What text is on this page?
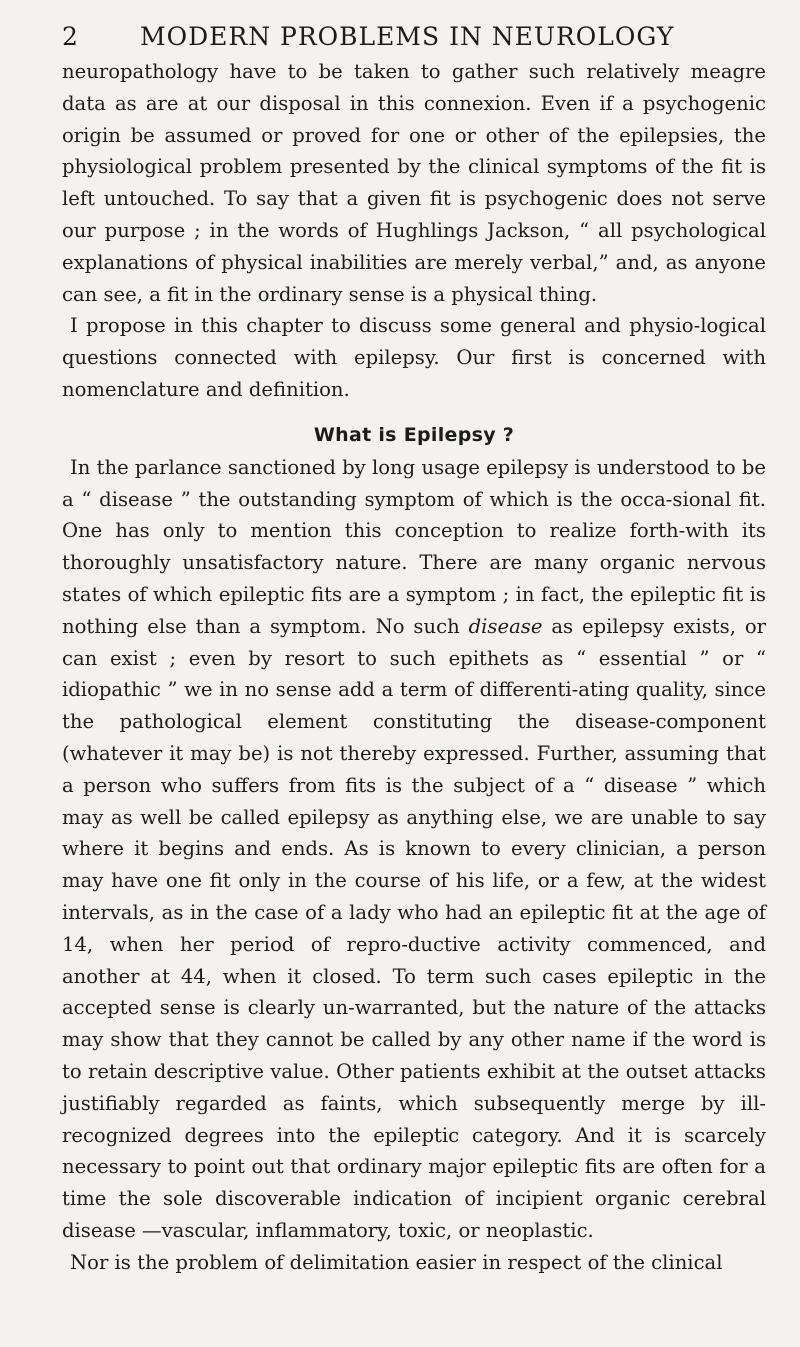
2 MODERN PROBLEMS IN NEUROLOGY

neuropathology have to be taken to gather such relatively meagre data as are at our disposal in this connexion. Even if a psychogenic origin be assumed or proved for one or other of the epilepsies, the physiological problem presented by the clinical symptoms of the fit is left untouched. To say that a given fit is psychogenic does not serve our purpose ; in the words of Hughlings Jackson, “ all psychological explanations of physical inabilities are merely verbal,” and, as anyone can see, a fit in the ordinary sense is a physical thing.

I propose in this chapter to discuss some general and physio-logical questions connected with epilepsy. Our first is concerned with nomenclature and definition.

What is Epilepsy ?

In the parlance sanctioned by long usage epilepsy is understood to be a “ disease ” the outstanding symptom of which is the occa-sional fit. One has only to mention this conception to realize forth-with its thoroughly unsatisfactory nature. There are many organic nervous states of which epileptic fits are a symptom ; in fact, the epileptic fit is nothing else than a symptom. No such disease as epilepsy exists, or can exist ; even by resort to such epithets as “ essential ” or “ idiopathic ” we in no sense add a term of differenti-ating quality, since the pathological element constituting the disease-component (whatever it may be) is not thereby expressed. Further, assuming that a person who suffers from fits is the subject of a “ disease ” which may as well be called epilepsy as anything else, we are unable to say where it begins and ends. As is known to every clinician, a person may have one fit only in the course of his life, or a few, at the widest intervals, as in the case of a lady who had an epileptic fit at the age of 14, when her period of repro-ductive activity commenced, and another at 44, when it closed. To term such cases epileptic in the accepted sense is clearly un-warranted, but the nature of the attacks may show that they cannot be called by any other name if the word is to retain descriptive value. Other patients exhibit at the outset attacks justifiably regarded as faints, which subsequently merge by ill-recognized degrees into the epileptic category. And it is scarcely necessary to point out that ordinary major epileptic fits are often for a time the sole discoverable indication of incipient organic cerebral disease —vascular, inflammatory, toxic, or neoplastic.

Nor is the problem of delimitation easier in respect of the clinical
